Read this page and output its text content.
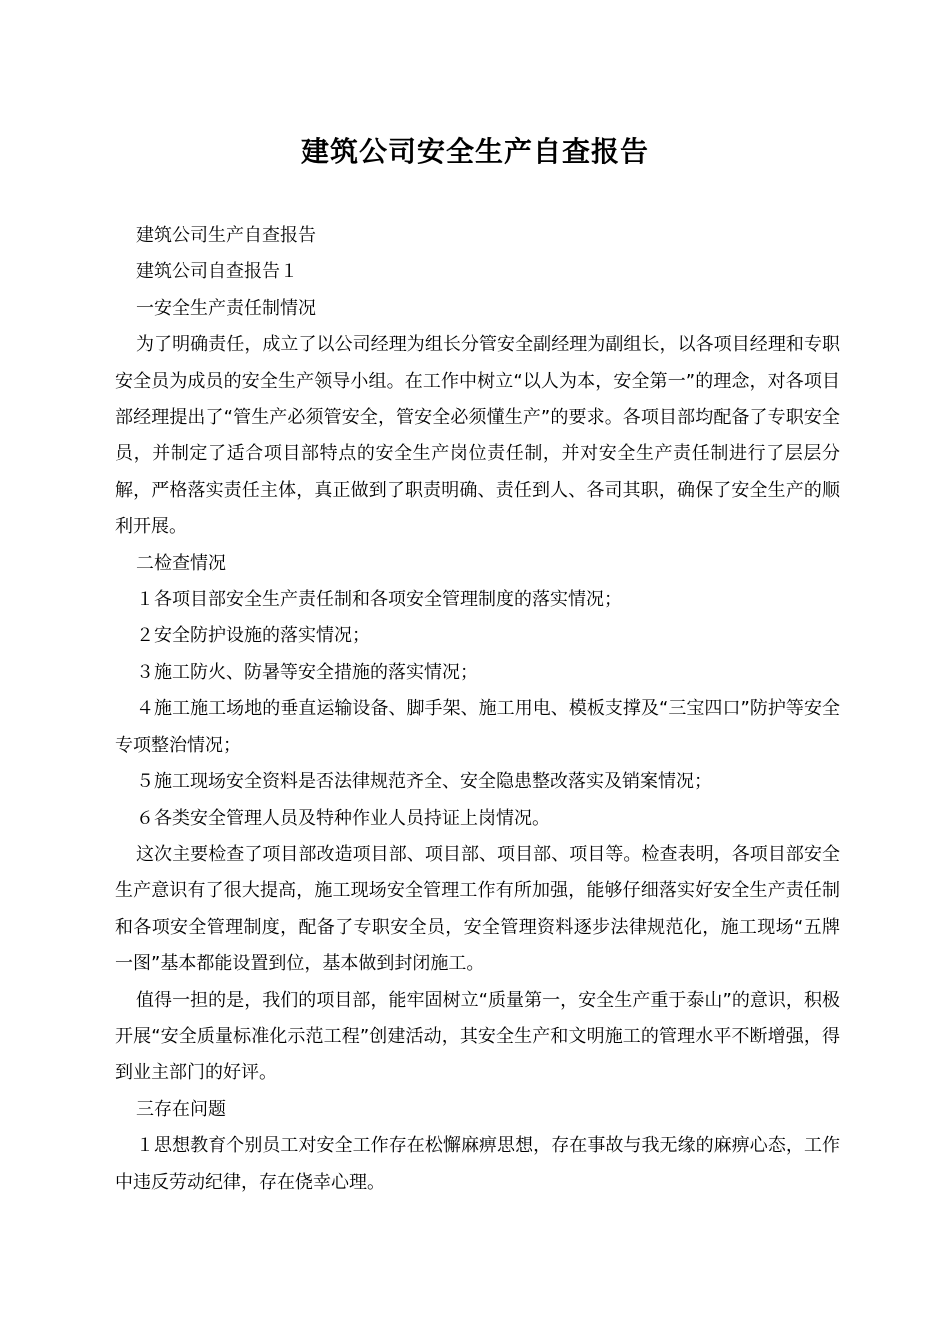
建筑公司安全生产自查报告

建筑公司生产自查报告

建筑公司自查报告１

一安全生产责任制情况

为了明确责任，成立了以公司经理为组长分管安全副经理为副组长，以各项目经理和专职安全员为成员的安全生产领导小组。在工作中树立“以人为本，安全第一”的理念，对各项目部经理提出了“管生产必须管安全，管安全必须懂生产”的要求。各项目部均配备了专职安全员，并制定了适合项目部特点的安全生产岗位责任制，并对安全生产责任制进行了层层分解，严格落实责任主体，真正做到了职责明确、责任到人、各司其职，确保了安全生产的顺利开展。

二检查情况

１各项目部安全生产责任制和各项安全管理制度的落实情况；

２安全防护设施的落实情况；

３施工防火、防暑等安全措施的落实情况；

４施工施工场地的垂直运输设备、脚手架、施工用电、模板支撑及“三宝四口”防护等安全专项整治情况；

５施工现场安全资料是否法律规范齐全、安全隐患整改落实及销案情况；

６各类安全管理人员及特种作业人员持证上岗情况。

这次主要检查了项目部改造项目部、项目部、项目部、项目等。检查表明，各项目部安全生产意识有了很大提高，施工现场安全管理工作有所加强，能够仔细落实好安全生产责任制和各项安全管理制度，配备了专职安全员，安全管理资料逐步法律规范化，施工现场“五牌一图”基本都能设置到位，基本做到封闭施工。

值得一担的是，我们的项目部，能牢固树立“质量第一，安全生产重于泰山”的意识，积极开展“安全质量标准化示范工程”创建活动，其安全生产和文明施工的管理水平不断增强，得到业主部门的好评。

三存在问题

１思想教育个别员工对安全工作存在松懈麻痹思想，存在事故与我无缘的麻痹心态，工作中违反劳动纪律，存在侥幸心理。
